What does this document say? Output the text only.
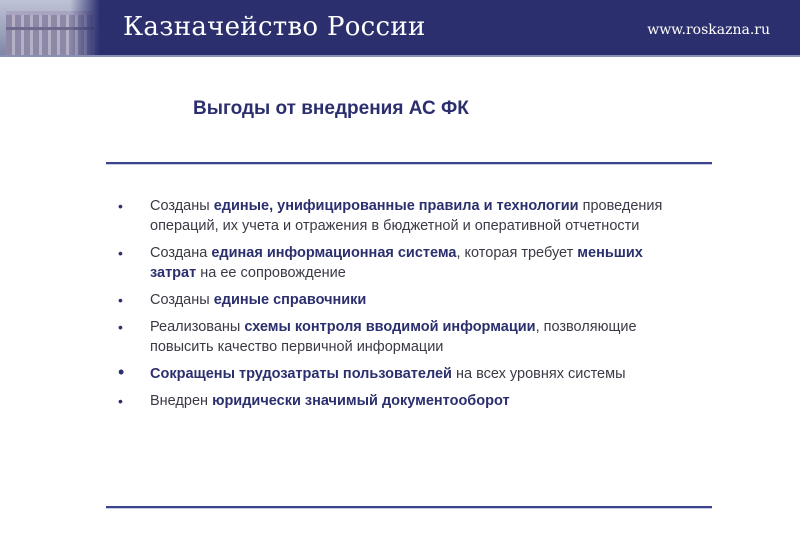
Казначейство России	www.roskazna.ru
Выгоды от внедрения АС ФК
•	Созданы единые, унифицированные правила и технологии проведения операций, их учета и отражения в бюджетной и оперативной отчетности
•	Создана единая информационная система, которая требует меньших затрат на ее сопровождение
•	Созданы единые справочники
•	Реализованы схемы контроля вводимой информации, позволяющие повысить качество первичной информации
•	Сокращены трудозатраты пользователей на всех уровнях системы
•	Внедрен юридически значимый документооборот
